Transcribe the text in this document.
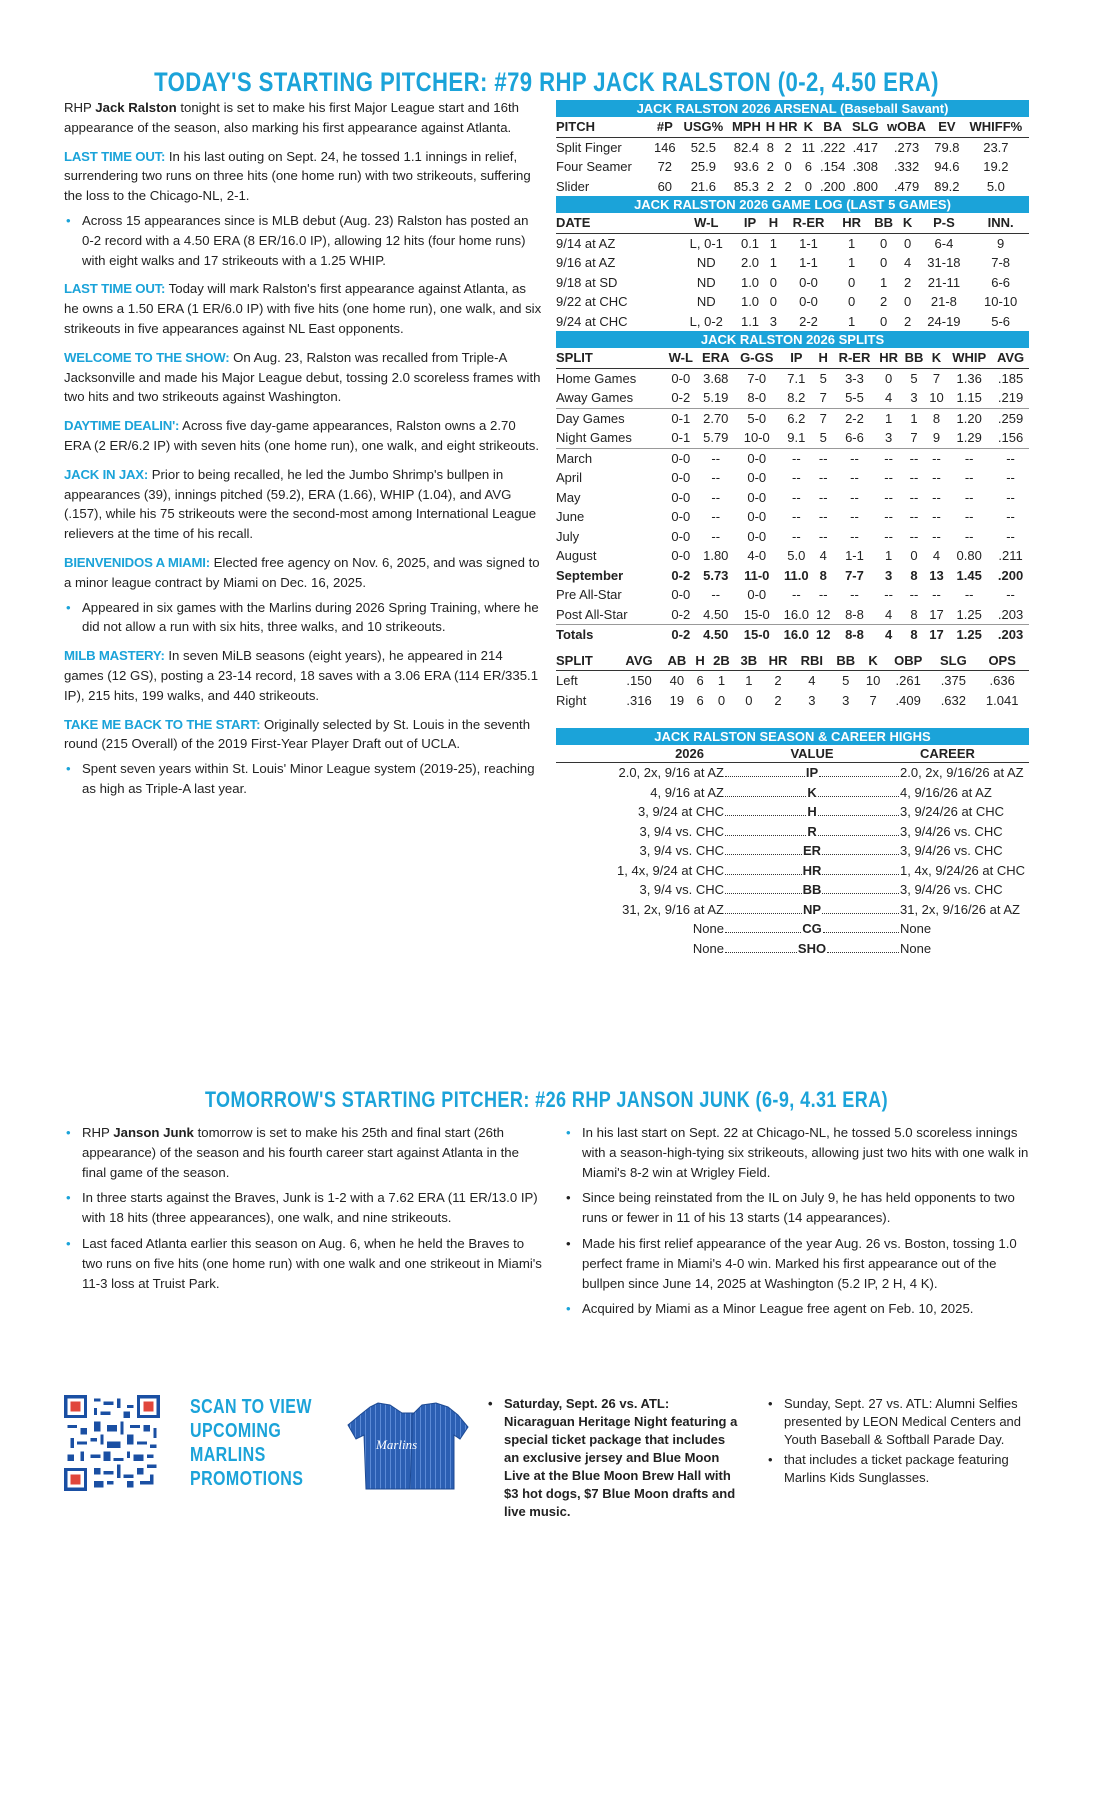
TODAY'S STARTING PITCHER: #79 RHP JACK RALSTON (0-2, 4.50 ERA)

RHP Jack Ralston tonight is set to make his first Major League start and 16th appearance of the season, also marking his first appearance against Atlanta.

LAST TIME OUT: In his last outing on Sept. 24, he tossed 1.1 innings in relief, surrendering two runs on three hits (one home run) with two strikeouts, suffering the loss to the Chicago-NL, 2-1.

• Across 15 appearances since is MLB debut (Aug. 23) Ralston has posted an 0-2 record with a 4.50 ERA (8 ER/16.0 IP), allowing 12 hits (four home runs) with eight walks and 17 strikeouts with a 1.25 WHIP.

LAST TIME OUT: Today will mark Ralston's first appearance against Atlanta, as he owns a 1.50 ERA (1 ER/6.0 IP) with five hits (one home run), one walk, and six strikeouts in five appearances against NL East opponents.

WELCOME TO THE SHOW: On Aug. 23, Ralston was recalled from Triple-A Jacksonville and made his Major League debut, tossing 2.0 scoreless frames with two hits and two strikeouts against Washington.

DAYTIME DEALIN': Across five day-game appearances, Ralston owns a 2.70 ERA (2 ER/6.2 IP) with seven hits (one home run), one walk, and eight strikeouts.

JACK IN JAX: Prior to being recalled, he led the Jumbo Shrimp's bullpen in appearances (39), innings pitched (59.2), ERA (1.66), WHIP (1.04), and AVG (.157), while his 75 strikeouts were the second-most among International League relievers at the time of his recall.

BIENVENIDOS A MIAMI: Elected free agency on Nov. 6, 2025, and was signed to a minor league contract by Miami on Dec. 16, 2025.

• Appeared in six games with the Marlins during 2026 Spring Training, where he did not allow a run with six hits, three walks, and 10 strikeouts.

MILB MASTERY: In seven MiLB seasons (eight years), he appeared in 214 games (12 GS), posting a 23-14 record, 18 saves with a 3.06 ERA (114 ER/335.1 IP), 215 hits, 199 walks, and 440 strikeouts.

TAKE ME BACK TO THE START: Originally selected by St. Louis in the seventh round (215 Overall) of the 2019 First-Year Player Draft out of UCLA.

• Spent seven years within St. Louis' Minor League system (2019-25), reaching as high as Triple-A last year.
JACK RALSTON 2026 ARSENAL (Baseball Savant)
PITCH	#P	USG%	MPH	H	HR	K	BA	SLG	wOBA	EV	WHIFF%
Split Finger	146	52.5	82.4	8	2	11	.222	.417	.273	79.8	23.7
Four Seamer	72	25.9	93.6	2	0	6	.154	.308	.332	94.6	19.2
Slider	60	21.6	85.3	2	2	0	.200	.800	.479	89.2	5.0
JACK RALSTON 2026 GAME LOG (LAST 5 GAMES)
DATE	W-L	IP	H	R-ER	HR	BB	K	P-S	INN.
9/14 at AZ	L, 0-1	0.1	1	1-1	1	0	0	6-4	9
9/16 at AZ	ND	2.0	1	1-1	1	0	4	31-18	7-8
9/18 at SD	ND	1.0	0	0-0	0	1	2	21-11	6-6
9/22 at CHC	ND	1.0	0	0-0	0	2	0	21-8	10-10
9/24 at CHC	L, 0-2	1.1	3	2-2	1	0	2	24-19	5-6
JACK RALSTON 2026 SPLITS
SPLIT	W-L	ERA	G-GS	IP	H	R-ER	HR	BB	K	WHIP	AVG
Home Games	0-0	3.68	7-0	7.1	5	3-3	0	5	7	1.36	.185
Away Games	0-2	5.19	8-0	8.2	7	5-5	4	3	10	1.15	.219
Day Games	0-1	2.70	5-0	6.2	7	2-2	1	1	8	1.20	.259
Night Games	0-1	5.79	10-0	9.1	5	6-6	3	7	9	1.29	.156
March	0-0	--	0-0	--	--	--	--	--	--	--	--
April	0-0	--	0-0	--	--	--	--	--	--	--	--
May	0-0	--	0-0	--	--	--	--	--	--	--	--
June	0-0	--	0-0	--	--	--	--	--	--	--	--
July	0-0	--	0-0	--	--	--	--	--	--	--	--
August	0-0	1.80	4-0	5.0	4	1-1	1	0	4	0.80	.211
September	0-2	5.73	11-0	11.0	8	7-7	3	8	13	1.45	.200
Pre All-Star	0-0	--	0-0	--	--	--	--	--	--	--	--
Post All-Star	0-2	4.50	15-0	16.0	12	8-8	4	8	17	1.25	.203
Totals	0-2	4.50	15-0	16.0	12	8-8	4	8	17	1.25	.203
SPLIT	AVG	AB	H	2B	3B	HR	RBI	BB	K	OBP	SLG	OPS
Left	.150	40	6	1	1	2	4	5	10	.261	.375	.636
Right	.316	19	6	0	0	2	3	3	7	.409	.632	1.041
JACK RALSTON SEASON & CAREER HIGHS
2026	VALUE	CAREER
2.0, 2x, 9/16 at AZ	IP	2.0, 2x, 9/16/26 at AZ
4, 9/16 at AZ	K	4, 9/16/26 at AZ
3, 9/24 at CHC	H	3, 9/24/26 at CHC
3, 9/4 vs. CHC	R	3, 9/4/26 vs. CHC
3, 9/4 vs. CHC	ER	3, 9/4/26 vs. CHC
1, 4x, 9/24 at CHC	HR	1, 4x, 9/24/26 at CHC
3, 9/4 vs. CHC	BB	3, 9/4/26 vs. CHC
31, 2x, 9/16 at AZ	NP	31, 2x, 9/16/26 at AZ
None	CG	None
None	SHO	None
TOMORROW'S STARTING PITCHER: #26 RHP JANSON JUNK (6-9, 4.31 ERA)
• RHP Janson Junk tomorrow is set to make his 25th and final start (26th appearance) of the season and his fourth career start against Atlanta in the final game of the season.
• In three starts against the Braves, Junk is 1-2 with a 7.62 ERA (11 ER/13.0 IP) with 18 hits (three appearances), one walk, and nine strikeouts.
• Last faced Atlanta earlier this season on Aug. 6, when he held the Braves to two runs on five hits (one home run) with one walk and one strikeout in Miami's 11-3 loss at Truist Park.
• In his last start on Sept. 22 at Chicago-NL, he tossed 5.0 scoreless innings with a season-high-tying six strikeouts, allowing just two hits with one walk in Miami's 8-2 win at Wrigley Field.
• Since being reinstated from the IL on July 9, he has held opponents to two runs or fewer in 11 of his 13 starts (14 appearances).
• Made his first relief appearance of the year Aug. 26 vs. Boston, tossing 1.0 perfect frame in Miami's 4-0 win. Marked his first appearance out of the bullpen since June 14, 2025 at Washington (5.2 IP, 2 H, 4 K).
• Acquired by Miami as a Minor League free agent on Feb. 10, 2025.
SCAN TO VIEW
UPCOMING
MARLINS
PROMOTIONS
Marlins
• Saturday, Sept. 26 vs. ATL: Nicaraguan Heritage Night featuring a special ticket package that includes an exclusive jersey and Blue Moon Live at the Blue Moon Brew Hall with $3 hot dogs, $7 Blue Moon drafts and live music.
• Sunday, Sept. 27 vs. ATL: Alumni Selfies presented by LEON Medical Centers and Youth Baseball & Softball Parade Day.
• that includes a ticket package featuring Marlins Kids Sunglasses.
